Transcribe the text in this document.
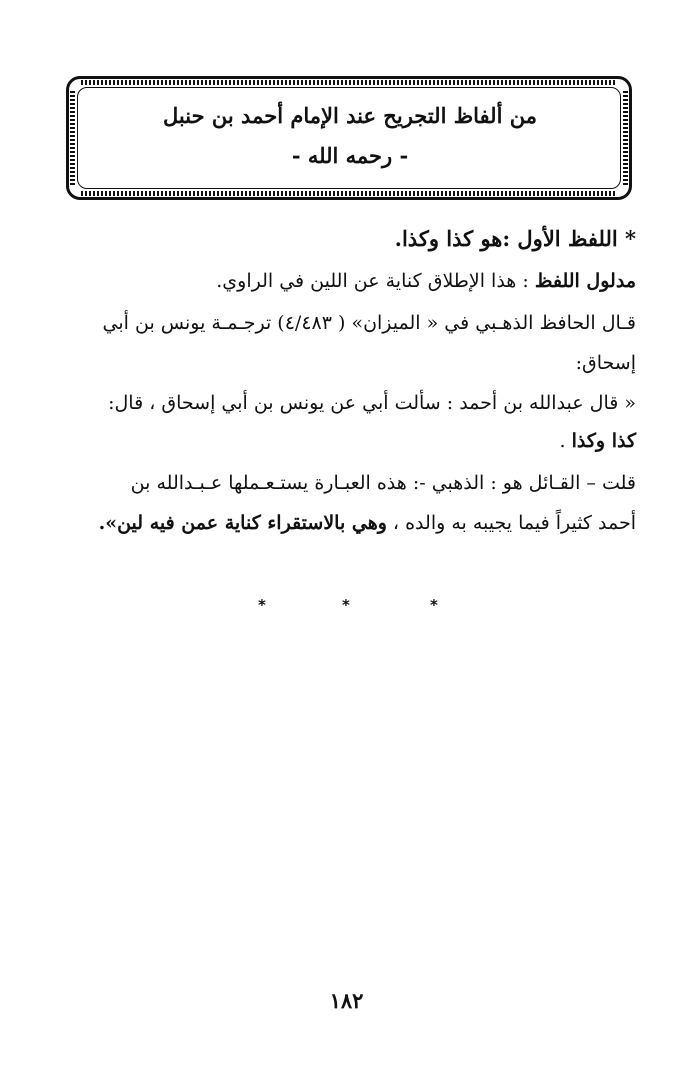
من ألفاظ التجريح عند الإمام أحمد بن حنبل
- رحمه الله -
* اللفظ الأول :هو كذا وكذا.
مدلول اللفظ : هذا الإطلاق كناية عن اللين في الراوي.
قـال الحافظ الذهـبي في « الميزان» ( ٤/٤٨٣) ترجـمـة يونس بن أبي
إسحاق:
« قال عبدالله بن أحمد : سألت أبي عن يونس بن أبي إسحاق ، قال:
كذا وكذا .
قلت – القـائل هو : الذهبي -: هذه العبـارة يستـعـملها عـبـدالله بن
أحمد كثيراً فيما يجيبه به والده ، وهي بالاستقراء كناية عمن فيه لين».
*	*	*
١٨٢
